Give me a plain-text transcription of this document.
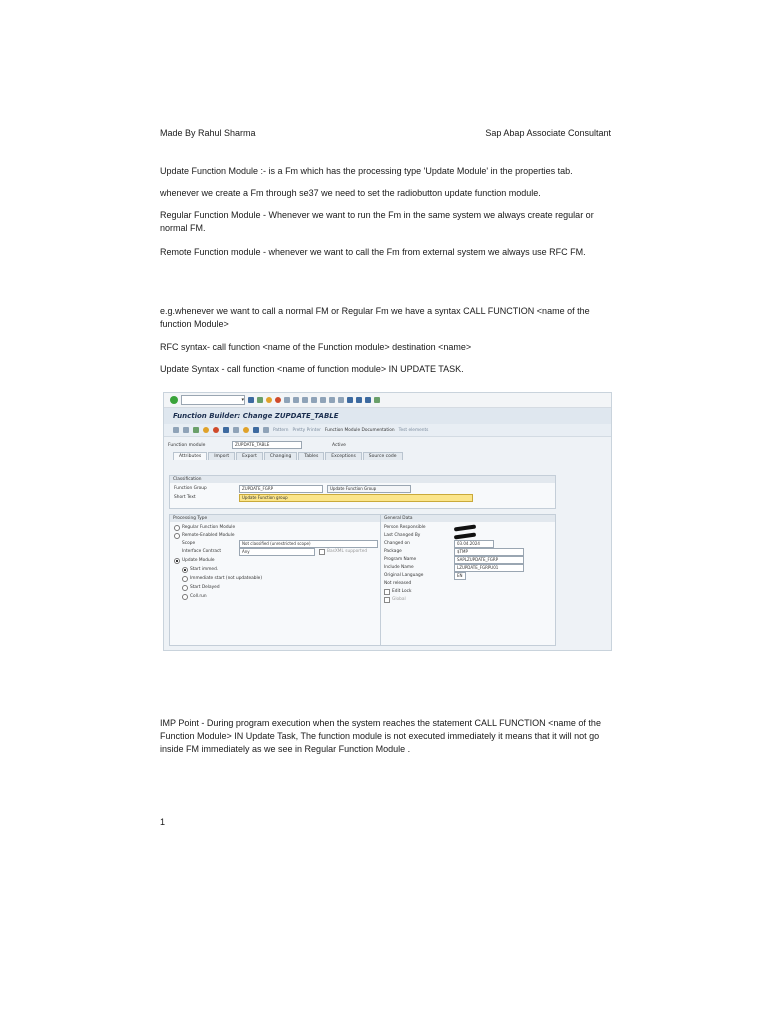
Made By Rahul Sharma	Sap Abap Associate Consultant
Update Function Module :- is a Fm which has the processing type 'Update Module' in the properties tab.
whenever we create a Fm through se37 we need to set the radiobutton update function module.
Regular Function Module - Whenever we want to run the Fm in the same system we always create regular or normal FM.
Remote Function module - whenever we want to call the Fm from external system we always use RFC FM.
e.g.whenever we want to call a normal FM or Regular Fm we have a syntax CALL FUNCTION <name of the function Module>
RFC syntax- call function <name of the Function module> destination <name>
Update Syntax - call function <name of function module> IN UPDATE TASK.
▾
Function Builder: Change ZUPDATE_TABLE
Pattern Pretty Printer Function Module Documentation Test elements
Function module	ZUPDATE_TABLE	Active
Attributes	Import	Export	Changing	Tables	Exceptions	Source code
Classification
Function Group	ZUPDATE_FGRP	Update Function Group
Short Text	Update Function group
Processing Type
Regular Function Module
Remote-Enabled Module
Scope	Not classified (unrestricted scope)
Interface Contract	Any	BasXML supported
Update Module
Start immed.
Immediate start (not updateable)
Start Delayed
Coll.run
General Data
Person Responsible
Last Changed By
Changed on	03.04.2024
Package	$TMP
Program Name	SAPLZUPDATE_FGRP
Include Name	LZUPDATE_FGRPU01
Original Language	EN
Not released
Edit Lock
Global
IMP Point - During program execution when the system reaches the statement CALL FUNCTION <name of the Function Module> IN Update Task, The function module is not executed immediately it means that it will not go inside FM immediately as we see in Regular Function Module .
1
